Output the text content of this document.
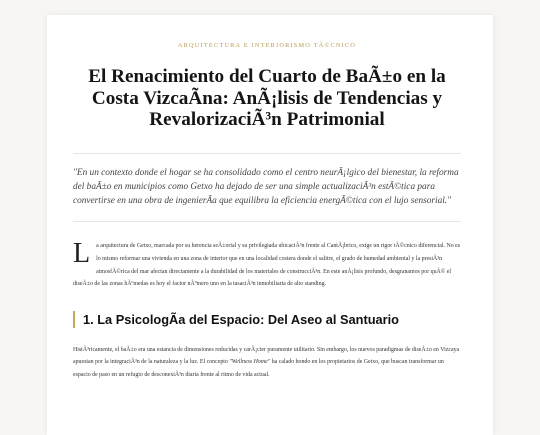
ARQUITECTURA E INTERIORISMO TÃ©CNICO
El Renacimiento del Cuarto de BaÃ±o en la Costa VizcaÃna: AnÃ¡lisis de Tendencias y RevalorizaciÃ³n Patrimonial

"En un contexto donde el hogar se ha consolidado como el centro neurÃ¡lgico del bienestar, la reforma del baÃ±o en municipios como Getxo ha dejado de ser una simple actualizaciÃ³n estÃ©tica para convertirse en una obra de ingenierÃa que equilibra la eficiencia energÃ©tica con el lujo sensorial."

L a arquitectura de Getxo, marcada por su herencia seÃ±orial y su privilegiada ubicaciÃ³n frente al CantÃ¡brico, exige un rigor tÃ©cnico diferencial. No es lo mismo reformar una vivienda en una zona de interior que en una localidad costera donde el salitre, el grado de humedad ambiental y la presiÃ³n atmosfÃ©rica del mar afectan directamente a la durabilidad de los materiales de construcciÃ³n. En este anÃ¡lisis profundo, desgranamos por quÃ© el diseÃ±o de las zonas hÃºmedas es hoy el factor nÃºmero uno en la tasaciÃ³n inmobiliaria de alto standing.

1. La PsicologÃa del Espacio: Del Aseo al Santuario

HistÃ³ricamente, el baÃ±o era una estancia de dimensiones reducidas y carÃ¡cter puramente utilitario. Sin embargo, los nuevos paradigmas de diseÃ±o en Vizcaya apuestan por la integraciÃ³n de la naturaleza y la luz. El concepto "Wellness Home" ha calado hondo en los propietarios de Getxo, que buscan transformar un espacio de paso en un refugio de desconexiÃ³n diaria frente al ritmo de vida actual.
